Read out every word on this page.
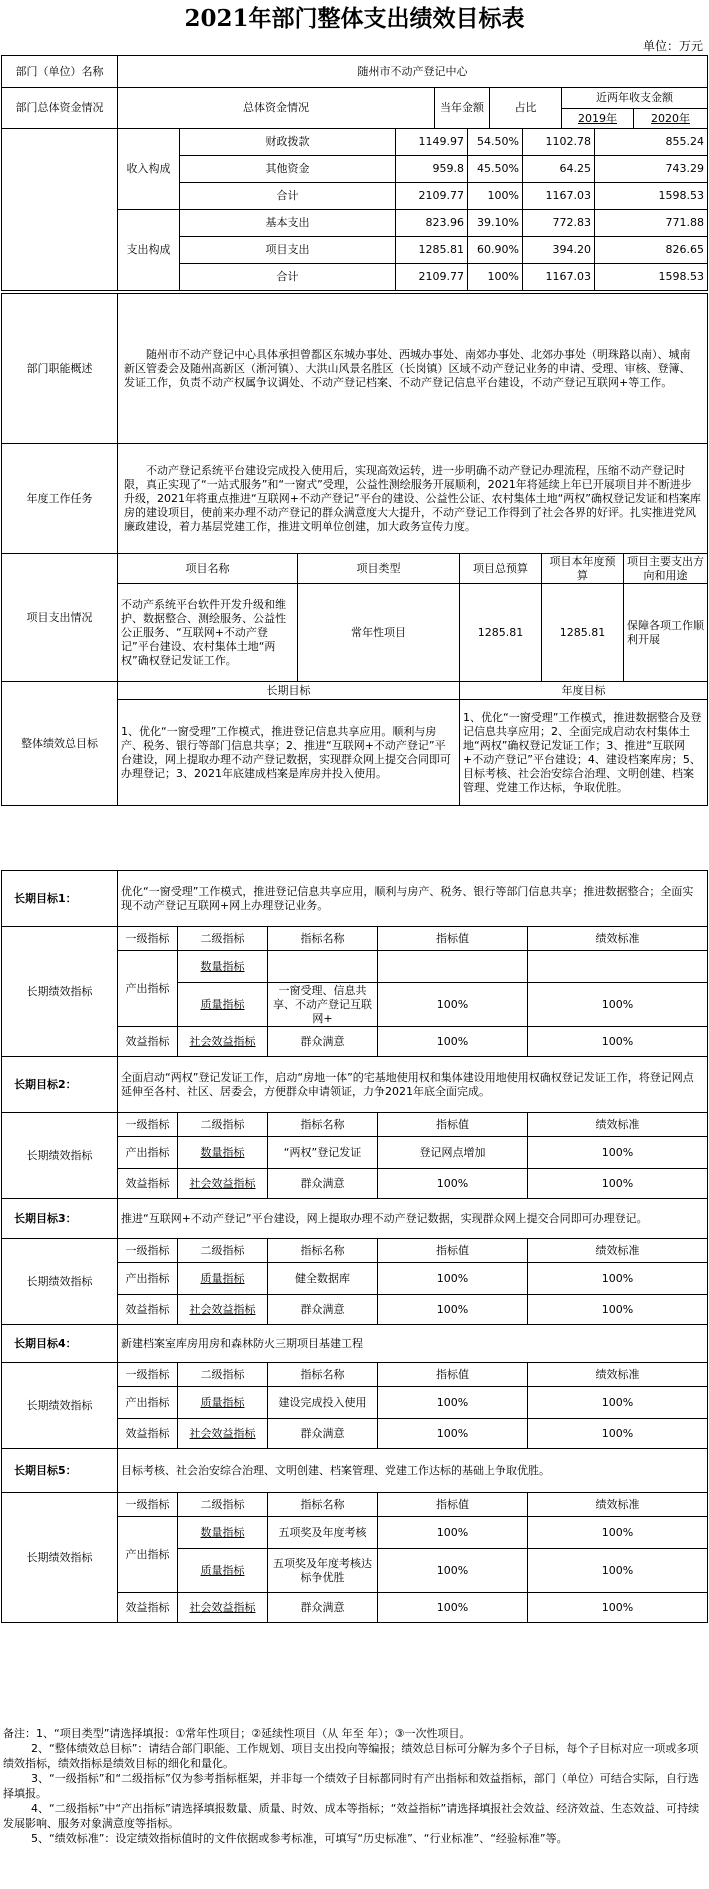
2021年部门整体支出绩效目标表
单位：万元
部门（单位）名称	随州市不动产登记中心				
部门总体资金情况	总体资金情况	当年金额	占比	近两年收支金额	
				2019年	2020年
	收入构成	财政拨款	1149.97	54.50%	1102.78	855.24
		其他资金	959.8	45.50%	64.25	743.29
		合计	2109.77	100%	1167.03	1598.53
	支出构成	基本支出	823.96	39.10%	772.83	771.88
		项目支出	1285.81	60.90%	394.20	826.65
		合计	2109.77	100%	1167.03	1598.53
部门职能概述	随州市不动产登记中心具体承担曾都区东城办事处、西城办事处、南郊办事处、北郊办事处（明珠路以南）、城南新区管委会及随州高新区（淅河镇）、大洪山风景名胜区（长岗镇）区域不动产登记业务的申请、受理、审核、登簿、发证工作，负责不动产权属争议调处、不动产登记档案、不动产登记信息平台建设，不动产登记互联网+等工作。				
年度工作任务	不动产登记系统平台建设完成投入使用后，实现高效运转，进一步明确不动产登记办理流程，压缩不动产登记时限，真正实现了“一站式服务”和“一窗式”受理，公益性测绘服务开展顺利，2021年将延续上年已开展项目并不断进步升级，2021年将重点推进“互联网+不动产登记”平台的建设、公益性公证、农村集体土地“两权”确权登记发证和档案库房的建设项目，使前来办理不动产登记的群众满意度大大提升，不动产登记工作得到了社会各界的好评。扎实推进党风廉政建设，着力基层党建工作，推进文明单位创建，加大政务宣传力度。				
项目支出情况	项目名称	项目类型	项目总预算	项目本年度预算	项目主要支出方向和用途
	不动产系统平台软件开发升级和维护、数据整合、测绘服务、公益性公正服务、“互联网+不动产登记”平台建设、农村集体土地“两权”确权登记发证工作。	常年性项目	1285.81	1285.81	保障各项工作顺利开展
整体绩效总目标	长期目标		年度目标		
	1、优化“一窗受理”工作模式，推进登记信息共享应用。顺利与房产、税务、银行等部门信息共享；2、推进“互联网+不动产登记”平台建设，网上提取办理不动产登记数据，实现群众网上提交合同即可办理登记；3、2021年底建成档案是库房并投入使用。		1、优化“一窗受理”工作模式，推进数据整合及登记信息共享应用；2、全面完成启动农村集体土地“两权”确权登记发证工作；3、推进“互联网+不动产登记”平台建设；4、建设档案库房；5、目标考核、社会治安综合治理、文明创建、档案管理、党建工作达标，争取优胜。		
长期目标1：	优化“一窗受理”工作模式，推进登记信息共享应用，顺利与房产、税务、银行等部门信息共享；推进数据整合；全面实现不动产登记互联网+网上办理登记业务。				
长期绩效指标	一级指标	二级指标	指标名称	指标值	绩效标准
	产出指标	数量指标			
		质量指标	一窗受理、信息共享、不动产登记互联网+	100%	100%
	效益指标	社会效益指标	群众满意	100%	100%
长期目标2：	全面启动“两权”登记发证工作，启动“房地一体”的宅基地使用权和集体建设用地使用权确权登记发证工作，将登记网点延伸至各村、社区、居委会，方便群众申请领证，力争2021年底全面完成。				
长期绩效指标	一级指标	二级指标	指标名称	指标值	绩效标准
	产出指标	数量指标	“两权”登记发证	登记网点增加	100%
	效益指标	社会效益指标	群众满意	100%	100%
长期目标3：	推进“互联网+不动产登记”平台建设，网上提取办理不动产登记数据，实现群众网上提交合同即可办理登记。				
长期绩效指标	一级指标	二级指标	指标名称	指标值	绩效标准
	产出指标	质量指标	健全数据库	100%	100%
	效益指标	社会效益指标	群众满意	100%	100%
长期目标4：	新建档案室库房用房和森林防火三期项目基建工程				
长期绩效指标	一级指标	二级指标	指标名称	指标值	绩效标准
	产出指标	质量指标	建设完成投入使用	100%	100%
	效益指标	社会效益指标	群众满意	100%	100%
长期目标5：	目标考核、社会治安综合治理、文明创建、档案管理、党建工作达标的基础上争取优胜。				
长期绩效指标	一级指标	二级指标	指标名称	指标值	绩效标准
	产出指标	数量指标	五项奖及年度考核	100%	100%
		质量指标	五项奖及年度考核达标争优胜	100%	100%
	效益指标	社会效益指标	群众满意	100%	100%

备注：1、“项目类型”请选择填报：①常年性项目；②延续性项目（从 年至 年）；③一次性项目。

2、“整体绩效总目标”：请结合部门职能、工作规划、项目支出投向等编报；绩效总目标可分解为多个子目标，每个子目标对应一项或多项绩效指标，绩效指标是绩效目标的细化和量化。

3、“一级指标”和“二级指标”仅为参考指标框架，并非每一个绩效子目标都同时有产出指标和效益指标，部门（单位）可结合实际，自行选择填报。

4、“二级指标”中“产出指标”请选择填报数量、质量、时效、成本等指标；“效益指标”请选择填报社会效益、经济效益、生态效益、可持续发展影响、服务对象满意度等指标。

5、“绩效标准”：设定绩效指标值时的文件依据或参考标准，可填写“历史标准”、“行业标准”、“经验标准”等。
